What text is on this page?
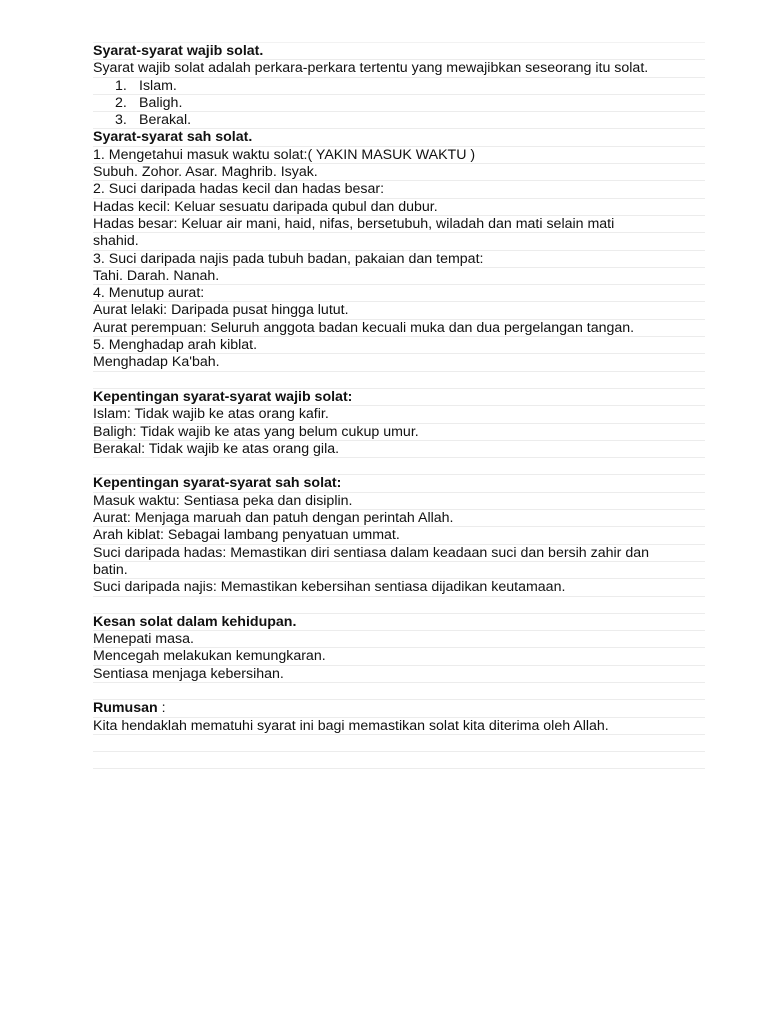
Syarat-syarat wajib solat.
Syarat wajib solat adalah perkara-perkara tertentu yang mewajibkan seseorang itu solat.
1. Islam.
2. Baligh.
3. Berakal.
Syarat-syarat sah solat.
1. Mengetahui masuk waktu solat:( YAKIN MASUK WAKTU )
Subuh. Zohor. Asar. Maghrib. Isyak.
2. Suci daripada hadas kecil dan hadas besar:
Hadas kecil: Keluar sesuatu daripada qubul dan dubur.
Hadas besar: Keluar air mani, haid, nifas, bersetubuh, wiladah dan mati selain mati
shahid.
3. Suci daripada najis pada tubuh badan, pakaian dan tempat:
Tahi. Darah. Nanah.
4. Menutup aurat:
Aurat lelaki: Daripada pusat hingga lutut.
Aurat perempuan: Seluruh anggota badan kecuali muka dan dua pergelangan tangan.
5. Menghadap arah kiblat.
Menghadap Ka'bah.
Kepentingan syarat-syarat wajib solat:
Islam: Tidak wajib ke atas orang kafir.
Baligh: Tidak wajib ke atas yang belum cukup umur.
Berakal: Tidak wajib ke atas orang gila.
Kepentingan syarat-syarat sah solat:
Masuk waktu: Sentiasa peka dan disiplin.
Aurat: Menjaga maruah dan patuh dengan perintah Allah.
Arah kiblat: Sebagai lambang penyatuan ummat.
Suci daripada hadas: Memastikan diri sentiasa dalam keadaan suci dan bersih zahir dan
batin.
Suci daripada najis: Memastikan kebersihan sentiasa dijadikan keutamaan.
Kesan solat dalam kehidupan.
Menepati masa.
Mencegah melakukan kemungkaran.
Sentiasa menjaga kebersihan.
Rumusan :
Kita hendaklah mematuhi syarat ini bagi memastikan solat kita diterima oleh Allah.
